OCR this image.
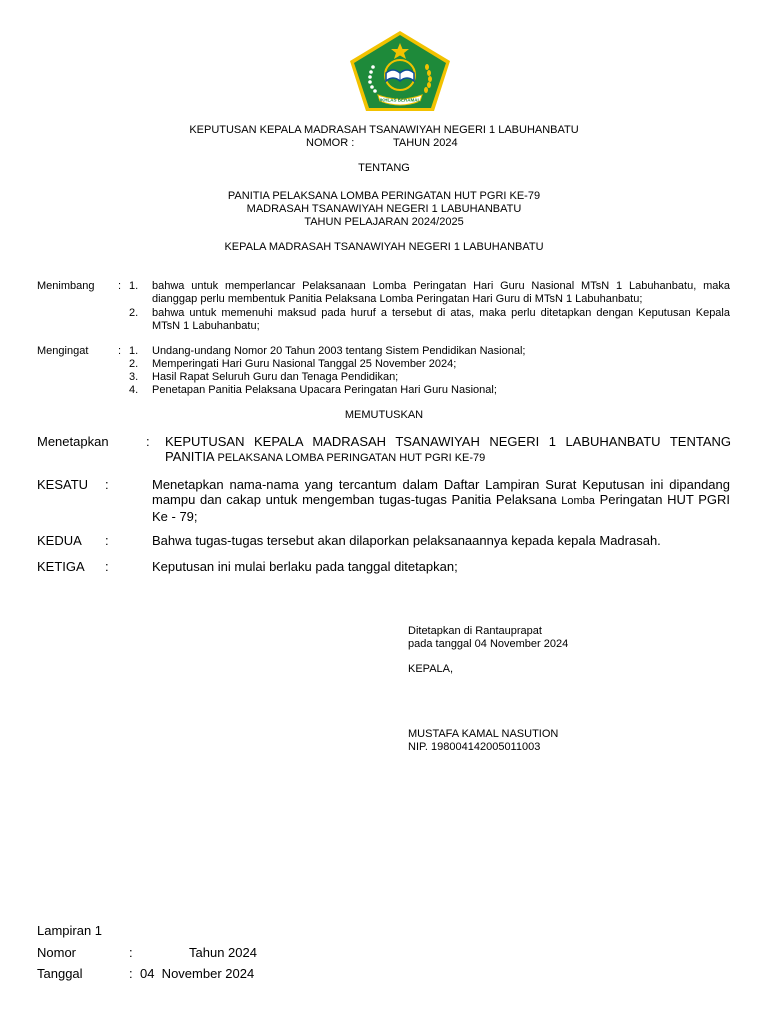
IKHLAS BERAMAL
KEPUTUSAN KEPALA MADRASAH TSANAWIYAH NEGERI 1 LABUHANBATU
NOMOR :	TAHUN 2024
TENTANG
PANITIA PELAKSANA LOMBA PERINGATAN HUT PGRI KE-79
MADRASAH TSANAWIYAH NEGERI 1 LABUHANBATU
TAHUN PELAJARAN 2024/2025
KEPALA MADRASAH TSANAWIYAH NEGERI 1 LABUHANBATU
Menimbang : 1. bahwa untuk memperlancar Pelaksanaan Lomba Peringatan Hari Guru Nasional MTsN 1 Labuhanbatu, maka dianggap perlu membentuk Panitia Pelaksana Lomba Peringatan Hari Guru di MTsN 1 Labuhanbatu;
2. bahwa untuk memenuhi maksud pada huruf a tersebut di atas, maka perlu ditetapkan dengan Keputusan Kepala MTsN 1 Labuhanbatu;
Mengingat	: 1. Undang-undang Nomor 20 Tahun 2003 tentang Sistem Pendidikan Nasional;
2. Memperingati Hari Guru Nasional Tanggal 25 November 2024;
3. Hasil Rapat Seluruh Guru dan Tenaga Pendidikan;
4. Penetapan Panitia Pelaksana Upacara Peringatan Hari Guru Nasional;
MEMUTUSKAN
Menetapkan	: KEPUTUSAN KEPALA MADRASAH TSANAWIYAH NEGERI 1 LABUHANBATU TENTANG
PANITIA PELAKSANA LOMBA PERINGATAN HUT PGRI KE-79
KESATU :	Menetapkan nama-nama yang tercantum dalam Daftar Lampiran Surat Keputusan ini dipandang mampu dan cakap untuk mengemban tugas-tugas Panitia Pelaksana Lomba Peringatan HUT PGRI Ke - 79;
KEDUA :	Bahwa tugas-tugas tersebut akan dilaporkan pelaksanaannya kepada kepala Madrasah.
KETIGA :	Keputusan ini mulai berlaku pada tanggal ditetapkan;
Ditetapkan di Rantauprapat
pada tanggal 04 November 2024
KEPALA,
MUSTAFA KAMAL NASUTION
NIP. 198004142005011003
Lampiran 1
Nomor	:	Tahun 2024
Tanggal	: 04  November 2024
